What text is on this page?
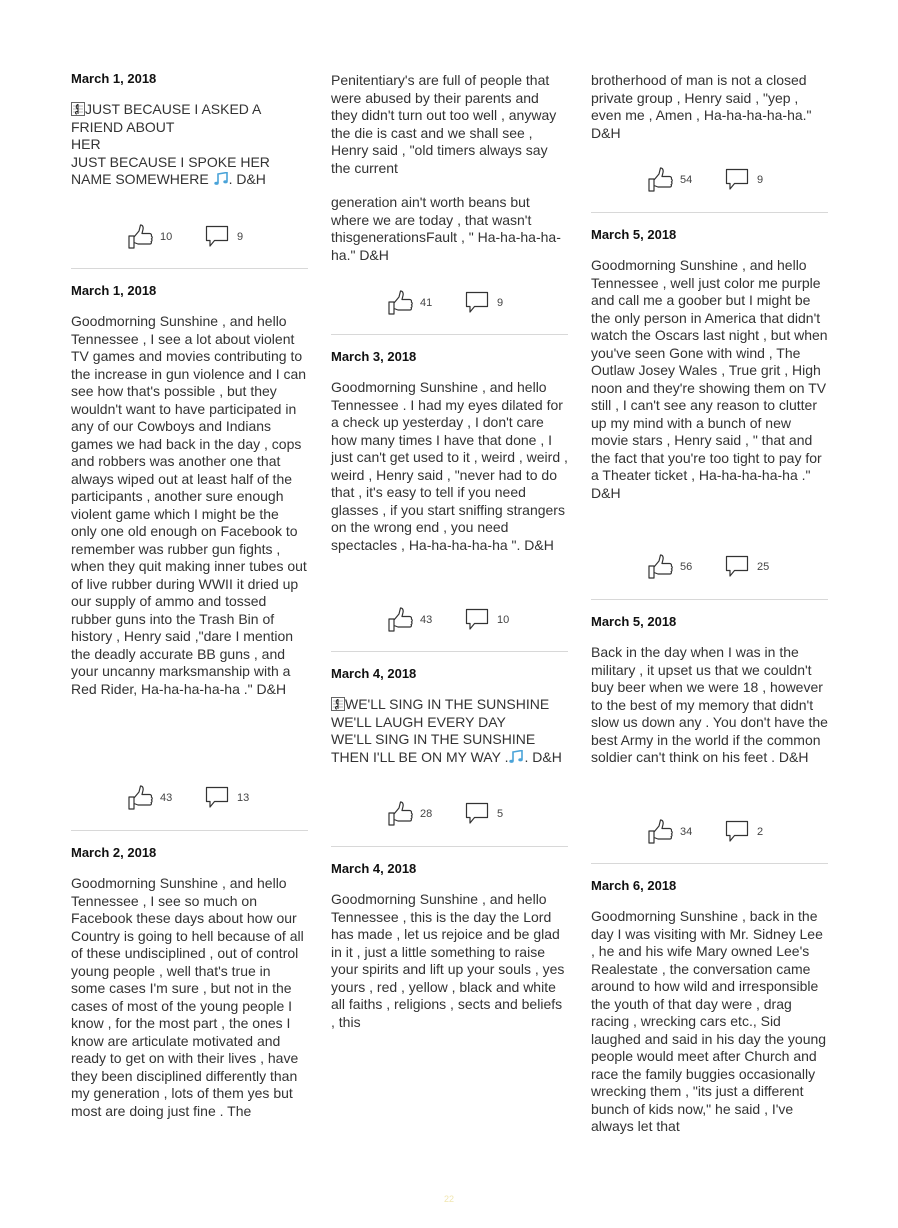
March 1, 2018
JUST BECAUSE I ASKED A FRIEND ABOUT
HER
JUST BECAUSE I SPOKE HER NAME SOMEWHERE . D&H
10	9
March 1, 2018

Goodmorning Sunshine , and hello Tennessee , I see a lot about violent TV games and movies contributing to the increase in gun violence and I can see how that's possible , but they wouldn't want to have participated in any of our Cowboys and Indians games we had back in the day , cops and robbers was another one that always wiped out at least half of the participants , another sure enough violent game which I might be the only one old enough on Facebook to remember was rubber gun fights , when they quit making inner tubes out of live rubber during WWII it dried up our supply of ammo and tossed rubber guns into the Trash Bin of history , Henry said ,"dare I mention the deadly accurate BB guns , and your uncanny marksmanship with a Red Rider, Ha-ha-ha-ha-ha ." D&H

43	13
March 2, 2018

Goodmorning Sunshine , and hello Tennessee , I see so much on Facebook these days about how our Country is going to hell because of all of these undisciplined , out of control young people , well that's true in some cases I'm sure , but not in the cases of most of the young people I know , for the most part , the ones I know are articulate motivated and ready to get on with their lives , have they been disciplined differently than my generation , lots of them yes but most are doing just fine . The

Penitentiary's are full of people that were abused by their parents and they didn't turn out too well , anyway the die is cast and we shall see , Henry said , "old timers always say the current

generation ain't worth beans but where we are today , that wasn't thisgenerationsFault , " Ha-ha-ha-ha-ha." D&H

41	9
March 3, 2018

Goodmorning Sunshine , and hello Tennessee . I had my eyes dilated for a check up yesterday , I don't care how many times I have that done , I just can't get used to it , weird , weird , weird , Henry said , "never had to do that , it's easy to tell if you need glasses , if you start sniffing strangers on the wrong end , you need spectacles , Ha-ha-ha-ha-ha ". D&H

43	10
March 4, 2018
WE'LL SING IN THE SUNSHINE
WE'LL LAUGH EVERY DAY
WE'LL SING IN THE SUNSHINE
THEN I'LL BE ON MY WAY . . D&H
28	5
March 4, 2018

Goodmorning Sunshine , and hello Tennessee , this is the day the Lord has made , let us rejoice and be glad in it , just a little something to raise your spirits and lift up your souls , yes yours , red , yellow , black and white all faiths , religions , sects and beliefs , this

brotherhood of man is not a closed private group , Henry said , "yep , even me , Amen , Ha-ha-ha-ha-ha." D&H

54	9
March 5, 2018

Goodmorning Sunshine , and hello Tennessee , well just color me purple and call me a goober but I might be the only person in America that didn't watch the Oscars last night , but when you've seen Gone with wind , The Outlaw Josey Wales , True grit , High noon and they're showing them on TV still , I can't see any reason to clutter up my mind with a bunch of new movie stars , Henry said , " that and the fact that you're too tight to pay for a Theater ticket , Ha-ha-ha-ha-ha ." D&H

56	25
March 5, 2018

Back in the day when I was in the military , it upset us that we couldn't buy beer when we were 18 , however to the best of my memory that didn't slow us down any . You don't have the best Army in the world if the common soldier can't think on his feet . D&H

34	2
March 6, 2018

Goodmorning Sunshine , back in the day I was visiting with Mr. Sidney Lee , he and his wife Mary owned Lee's Realestate , the conversation came around to how wild and irresponsible the youth of that day were , drag racing , wrecking cars etc., Sid laughed and said in his day the young people would meet after Church and race the family buggies occasionally wrecking them , "its just a different bunch of kids now," he said , I've always let that

22
